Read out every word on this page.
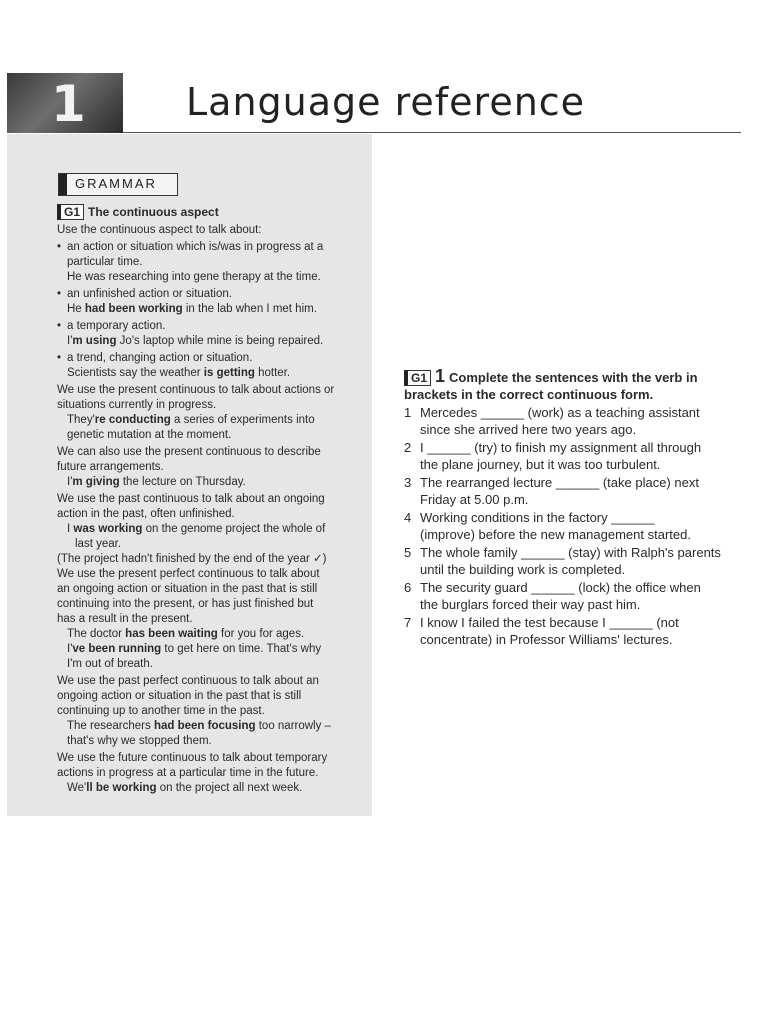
1	Language reference
GRAMMAR
G1 The continuous aspect

Use the continuous aspect to talk about:

• an action or situation which is/was in progress at a
particular time.
He was researching into gene therapy at the time.
• an unfinished action or situation.
He had been working in the lab when I met him.
• a temporary action.
I'm using Jo's laptop while mine is being repaired.
• a trend, changing action or situation.
Scientists say the weather is getting hotter.
We use the present continuous to talk about actions or
situations currently in progress.
They're conducting a series of experiments into
genetic mutation at the moment.
We can also use the present continuous to describe
future arrangements.
I'm giving the lecture on Thursday.
We use the past continuous to talk about an ongoing
action in the past, often unfinished.
I was working on the genome project the whole of
last year.
(The project hadn't finished by the end of the year ✓)
We use the present perfect continuous to talk about
an ongoing action or situation in the past that is still
continuing into the present, or has just finished but
has a result in the present.
The doctor has been waiting for you for ages.
I've been running to get here on time. That's why
I'm out of breath.
We use the past perfect continuous to talk about an
ongoing action or situation in the past that is still
continuing up to another time in the past.
The researchers had been focusing too narrowly –
that's why we stopped them.
We use the future continuous to talk about temporary
actions in progress at a particular time in the future.
We'll be working on the project all next week.
G1 1 Complete the sentences with the verb in
brackets in the correct continuous form.
1 Mercedes ______ (work) as a teaching assistant
since she arrived here two years ago.
2 I ______ (try) to finish my assignment all through
the plane journey, but it was too turbulent.
3 The rearranged lecture ______ (take place) next
Friday at 5.00 p.m.
4 Working conditions in the factory ______
(improve) before the new management started.
5 The whole family ______ (stay) with Ralph's parents
until the building work is completed.
6 The security guard ______ (lock) the office when
the burglars forced their way past him.
7 I know I failed the test because I ______ (not
concentrate) in Professor Williams' lectures.
